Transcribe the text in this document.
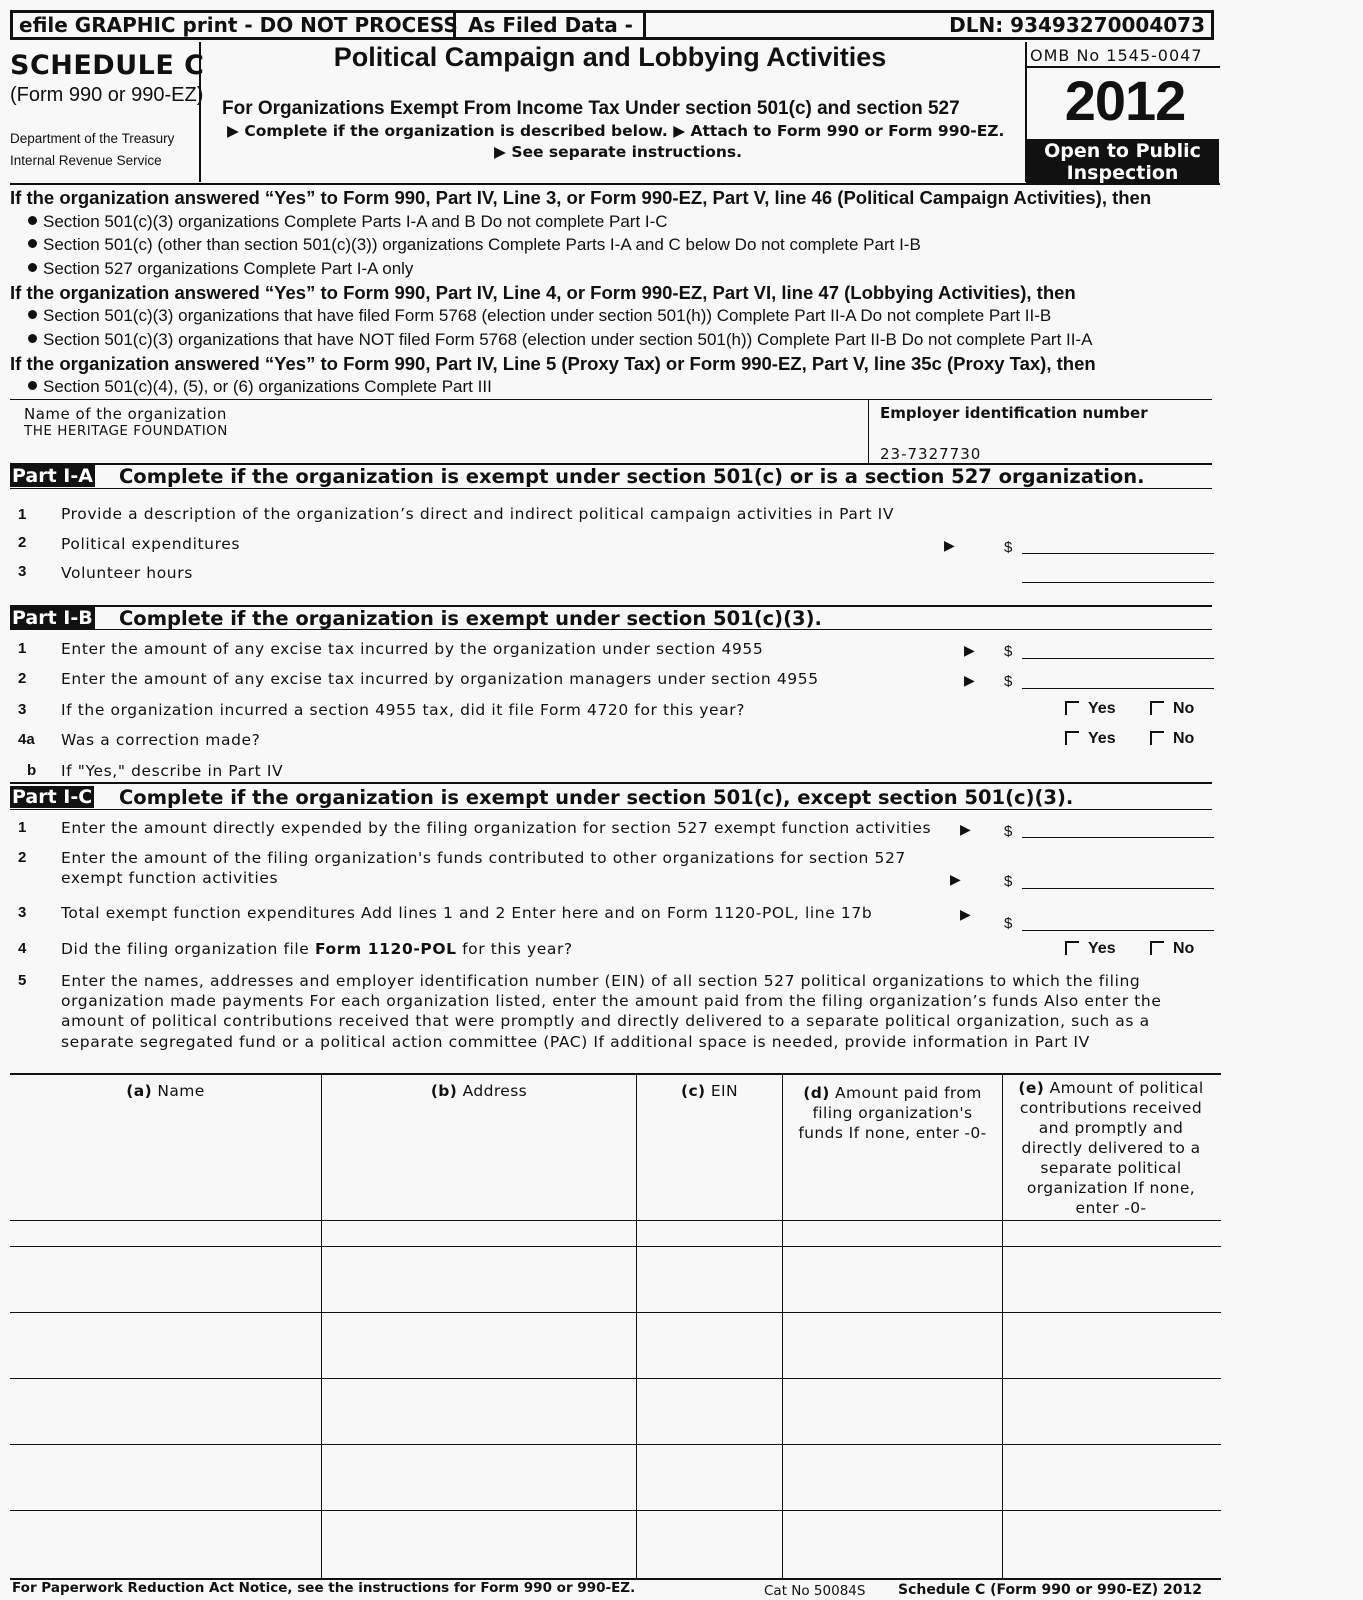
efile GRAPHIC print - DO NOT PROCESS As Filed Data -	DLN: 93493270004073
SCHEDULE C
(Form 990 or 990-EZ)
Department of the Treasury
Internal Revenue Service
Political Campaign and Lobbying Activities
For Organizations Exempt From Income Tax Under section 501(c) and section 527
▶ Complete if the organization is described below. ▶ Attach to Form 990 or Form 990-EZ.
▶ See separate instructions.
OMB No 1545-0047
2012
Open to Public
Inspection
If the organization answered “Yes” to Form 990, Part IV, Line 3, or Form 990-EZ, Part V, line 46 (Political Campaign Activities), then
Section 501(c)(3) organizations Complete Parts I-A and B Do not complete Part I-C
Section 501(c) (other than section 501(c)(3)) organizations Complete Parts I-A and C below Do not complete Part I-B
Section 527 organizations Complete Part I-A only
If the organization answered “Yes” to Form 990, Part IV, Line 4, or Form 990-EZ, Part VI, line 47 (Lobbying Activities), then
Section 501(c)(3) organizations that have filed Form 5768 (election under section 501(h)) Complete Part II-A Do not complete Part II-B
Section 501(c)(3) organizations that have NOT filed Form 5768 (election under section 501(h)) Complete Part II-B Do not complete Part II-A
If the organization answered “Yes” to Form 990, Part IV, Line 5 (Proxy Tax) or Form 990-EZ, Part V, line 35c (Proxy Tax), then
Section 501(c)(4), (5), or (6) organizations Complete Part III
Name of the organization
THE HERITAGE FOUNDATION
Employer identification number
23-7327730
Part I-A Complete if the organization is exempt under section 501(c) or is a section 527 organization.
1 Provide a description of the organization’s direct and indirect political campaign activities in Part IV
2 Political expenditures	▶	$
3 Volunteer hours
Part I-B Complete if the organization is exempt under section 501(c)(3).
1 Enter the amount of any excise tax incurred by the organization under section 4955	▶ $
2 Enter the amount of any excise tax incurred by organization managers under section 4955	▶ $
3 If the organization incurred a section 4955 tax, did it file Form 4720 for this year?	Yes	No
4a Was a correction made?	Yes	No
b If "Yes," describe in Part IV
Part I-C Complete if the organization is exempt under section 501(c), except section 501(c)(3).
1 Enter the amount directly expended by the filing organization for section 527 exempt function activities ▶ $
2 Enter the amount of the filing organization's funds contributed to other organizations for section 527
exempt function activities	▶	$
3 Total exempt function expenditures Add lines 1 and 2 Enter here and on Form 1120-POL, line 17b	▶
$
4 Did the filing organization file Form 1120-POL for this year?	Yes	No
5 Enter the names, addresses and employer identification number (EIN) of all section 527 political organizations to which the filing
organization made payments For each organization listed, enter the amount paid from the filing organization’s funds Also enter the
amount of political contributions received that were promptly and directly delivered to a separate political organization, such as a
separate segregated fund or a political action committee (PAC) If additional space is needed, provide information in Part IV
(a) Name	(b) Address	(c) EIN	(d) Amount paid from
filing organization's
funds If none, enter -0-
(e) Amount of political
contributions received
and promptly and
directly delivered to a
separate political
organization If none,
enter -0-
For Paperwork Reduction Act Notice, see the instructions for Form 990 or 990-EZ.	Cat No 50084S Schedule C (Form 990 or 990-EZ) 2012
